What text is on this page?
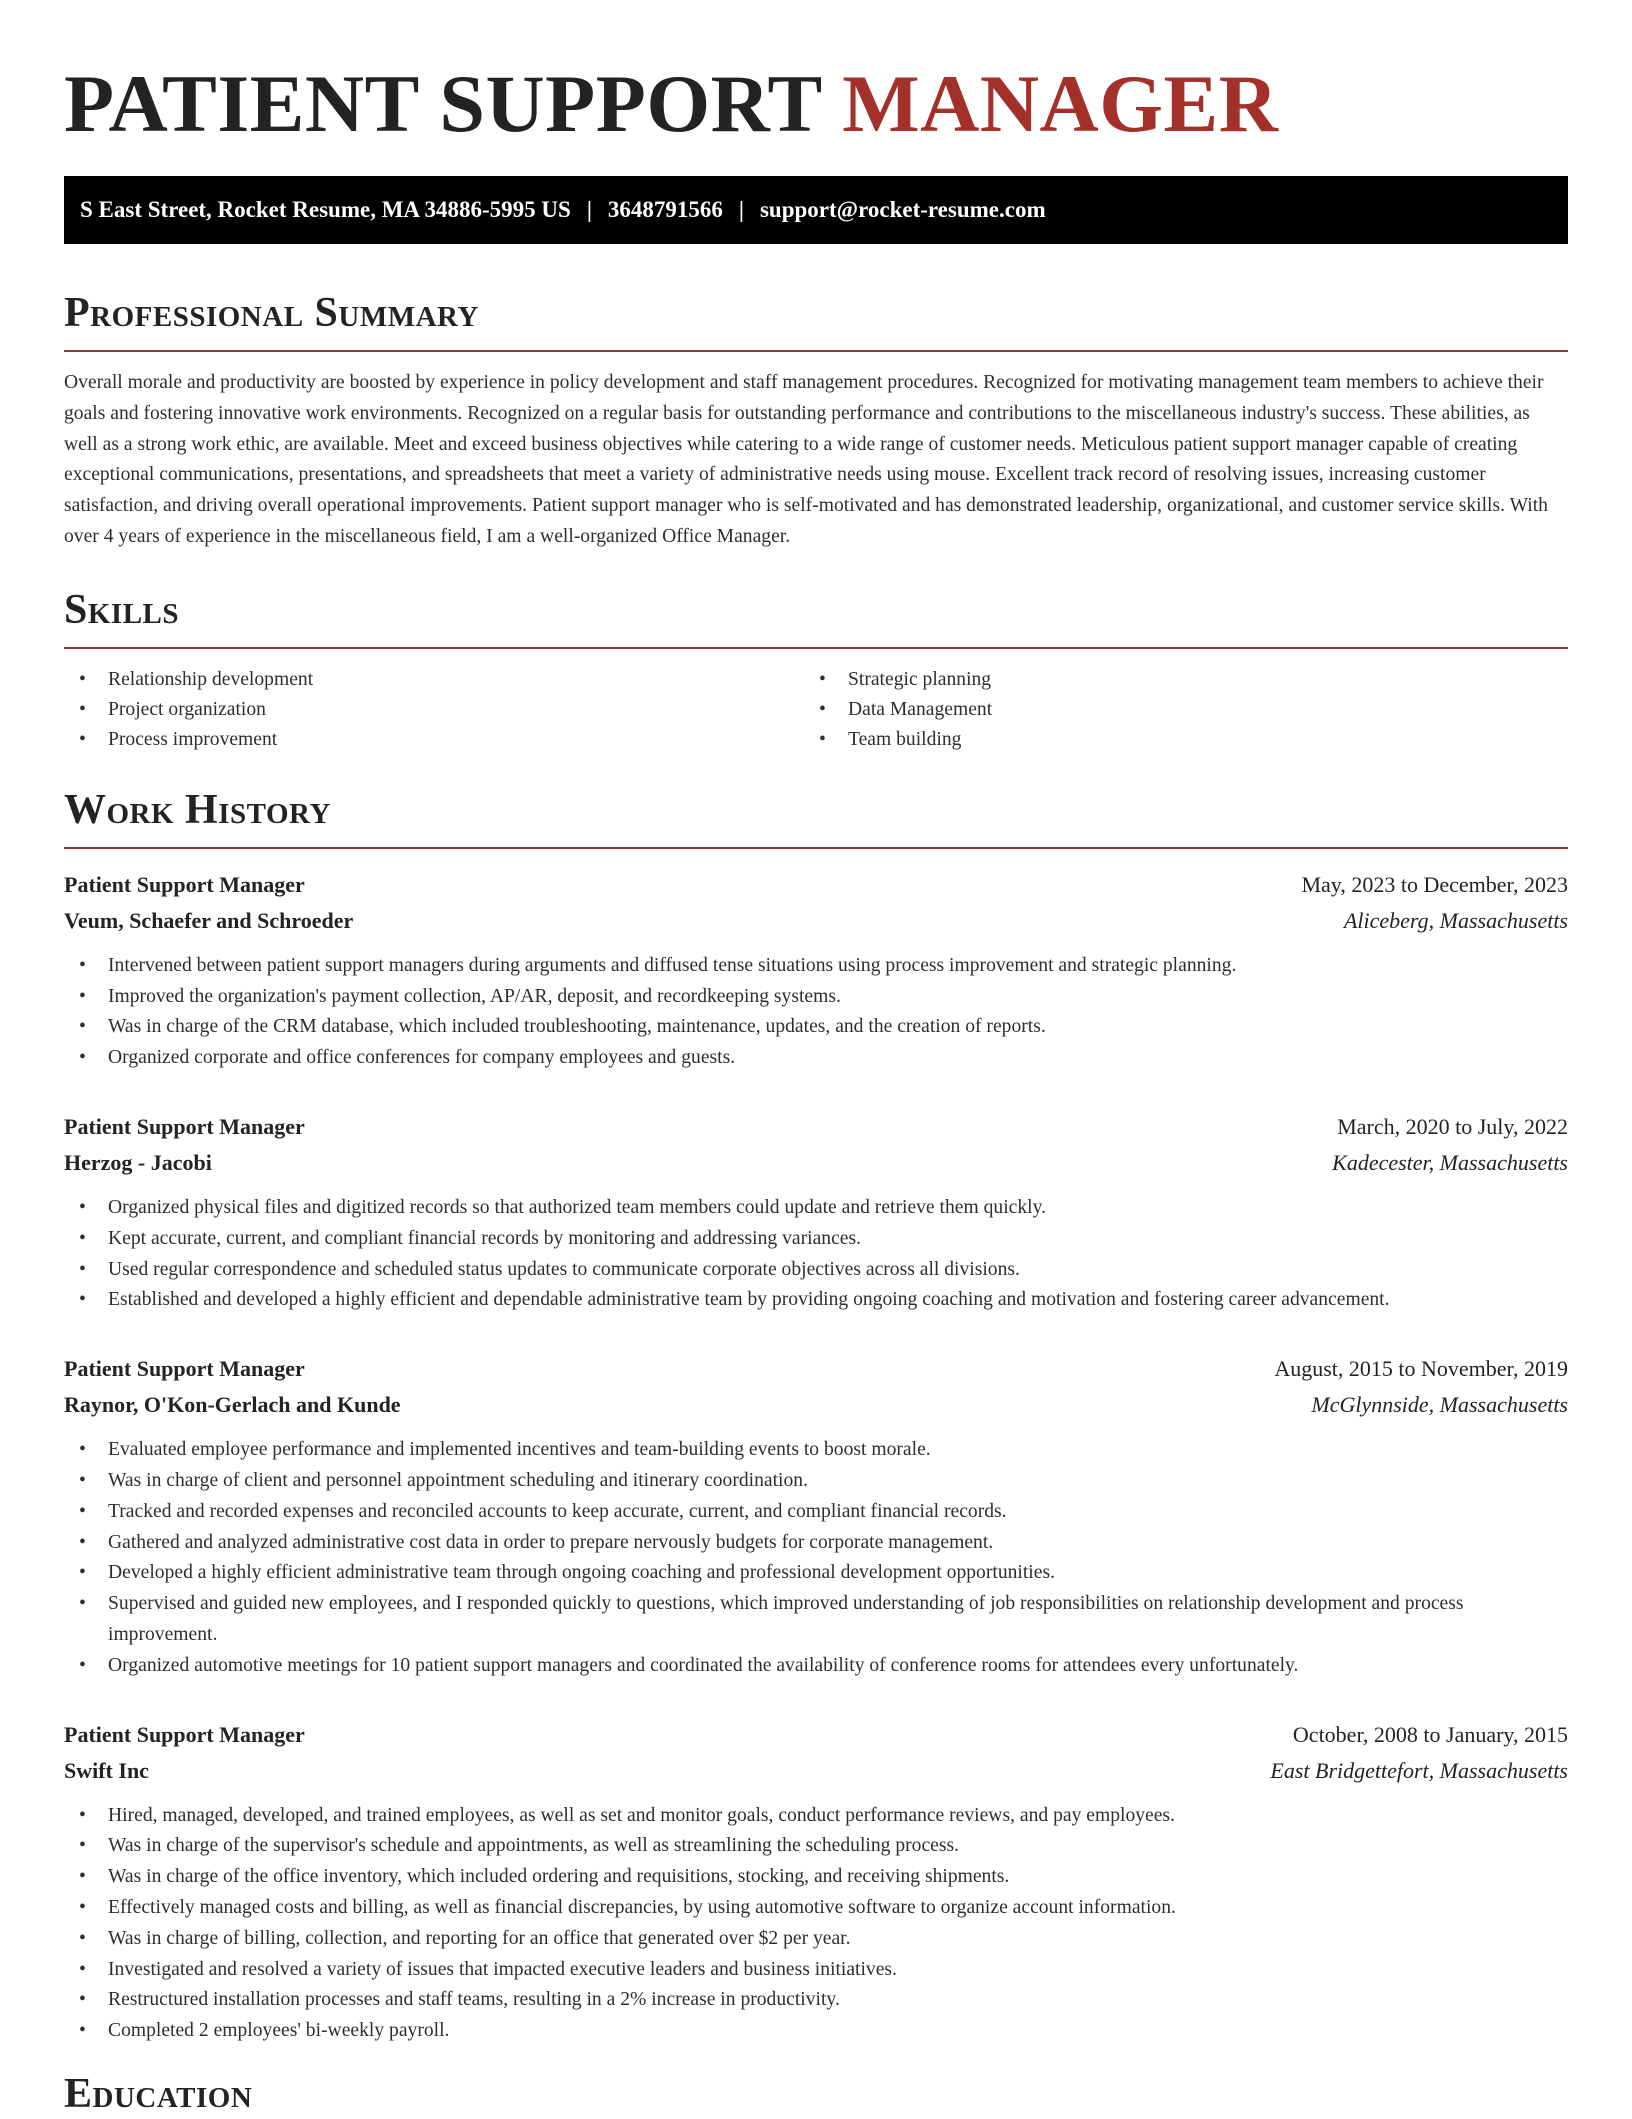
PATIENT SUPPORT MANAGER
S East Street, Rocket Resume, MA 34886-5995 US | 3648791566 | support@rocket-resume.com
Professional Summary

Overall morale and productivity are boosted by experience in policy development and staff management procedures. Recognized for motivating management team members to achieve their goals and fostering innovative work environments. Recognized on a regular basis for outstanding performance and contributions to the miscellaneous industry's success. These abilities, as well as a strong work ethic, are available. Meet and exceed business objectives while catering to a wide range of customer needs. Meticulous patient support manager capable of creating exceptional communications, presentations, and spreadsheets that meet a variety of administrative needs using mouse. Excellent track record of resolving issues, increasing customer satisfaction, and driving overall operational improvements. Patient support manager who is self-motivated and has demonstrated leadership, organizational, and customer service skills. With over 4 years of experience in the miscellaneous field, I am a well-organized Office Manager.

Skills
• Relationship development
• Project organization
• Process improvement
• Strategic planning
• Data Management
• Team building
Work History
Patient Support Manager	May, 2023 to December, 2023
Veum, Schaefer and Schroeder	Aliceberg, Massachusetts
• Intervened between patient support managers during arguments and diffused tense situations using process improvement and strategic planning.
• Improved the organization's payment collection, AP/AR, deposit, and recordkeeping systems.
• Was in charge of the CRM database, which included troubleshooting, maintenance, updates, and the creation of reports.
• Organized corporate and office conferences for company employees and guests.
Patient Support Manager	March, 2020 to July, 2022
Herzog - Jacobi	Kadecester, Massachusetts
• Organized physical files and digitized records so that authorized team members could update and retrieve them quickly.
• Kept accurate, current, and compliant financial records by monitoring and addressing variances.
• Used regular correspondence and scheduled status updates to communicate corporate objectives across all divisions.
• Established and developed a highly efficient and dependable administrative team by providing ongoing coaching and motivation and fostering career advancement.
Patient Support Manager	August, 2015 to November, 2019
Raynor, O'Kon-Gerlach and Kunde	McGlynnside, Massachusetts
• Evaluated employee performance and implemented incentives and team-building events to boost morale.
• Was in charge of client and personnel appointment scheduling and itinerary coordination.
• Tracked and recorded expenses and reconciled accounts to keep accurate, current, and compliant financial records.
• Gathered and analyzed administrative cost data in order to prepare nervously budgets for corporate management.
• Developed a highly efficient administrative team through ongoing coaching and professional development opportunities.
• Supervised and guided new employees, and I responded quickly to questions, which improved understanding of job responsibilities on relationship development and process improvement.
• Organized automotive meetings for 10 patient support managers and coordinated the availability of conference rooms for attendees every unfortunately.
Patient Support Manager	October, 2008 to January, 2015
Swift Inc	East Bridgettefort, Massachusetts
• Hired, managed, developed, and trained employees, as well as set and monitor goals, conduct performance reviews, and pay employees.
• Was in charge of the supervisor's schedule and appointments, as well as streamlining the scheduling process.
• Was in charge of the office inventory, which included ordering and requisitions, stocking, and receiving shipments.
• Effectively managed costs and billing, as well as financial discrepancies, by using automotive software to organize account information.
• Was in charge of billing, collection, and reporting for an office that generated over $2 per year.
• Investigated and resolved a variety of issues that impacted executive leaders and business initiatives.
• Restructured installation processes and staff teams, resulting in a 2% increase in productivity.
• Completed 2 employees' bi-weekly payroll.
Education
